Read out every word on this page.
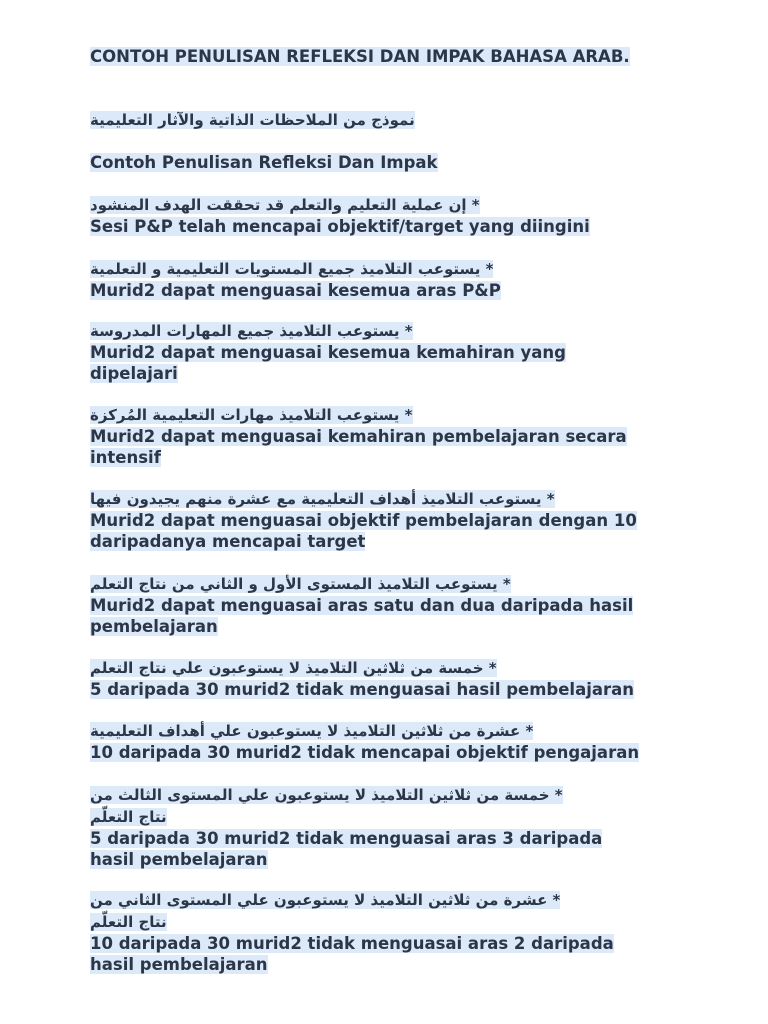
CONTOH PENULISAN REFLEKSI DAN IMPAK BAHASA ARAB.
نموذج من الملاحظات الذاتية والآثار التعليمية
Contoh Penulisan Refleksi Dan Impak
* إن عملية التعليم والتعلم قد تحققت الهدف المنشود
Sesi P&P telah mencapai objektif/target yang diingini
* يستوعب التلاميذ جميع المستويات التعليمية و التعلمية
Murid2 dapat menguasai kesemua aras P&P
* يستوعب التلاميذ جميع المهارات المدروسة
Murid2 dapat menguasai kesemua kemahiran yang
dipelajari
* يستوعب التلاميذ مهارات التعليمية المُركزة
Murid2 dapat menguasai kemahiran pembelajaran secara
intensif
* يستوعب التلاميذ أهداف التعليمية مع عشرة منهم يجيدون فيها
Murid2 dapat menguasai objektif pembelajaran dengan 10
daripadanya mencapai target
* يستوعب التلاميذ المستوى الأول و الثاني من نتاج التعلم
Murid2 dapat menguasai aras satu dan dua daripada hasil
pembelajaran
* خمسة من ثلاثين التلاميذ لا يستوعبون علي نتاج التعلم
5 daripada 30 murid2 tidak menguasai hasil pembelajaran
* عشرة من ثلاثين التلاميذ لا يستوعبون علي أهداف التعليمية
10 daripada 30 murid2 tidak mencapai objektif pengajaran
* خمسة من ثلاثين التلاميذ لا يستوعبون علي المستوى الثالث من
نتاج التعلّم
5 daripada 30 murid2 tidak menguasai aras 3 daripada
hasil pembelajaran
* عشرة من ثلاثين التلاميذ لا يستوعبون علي المستوى الثاني من
نتاج التعلّم
10 daripada 30 murid2 tidak menguasai aras 2 daripada
hasil pembelajaran
